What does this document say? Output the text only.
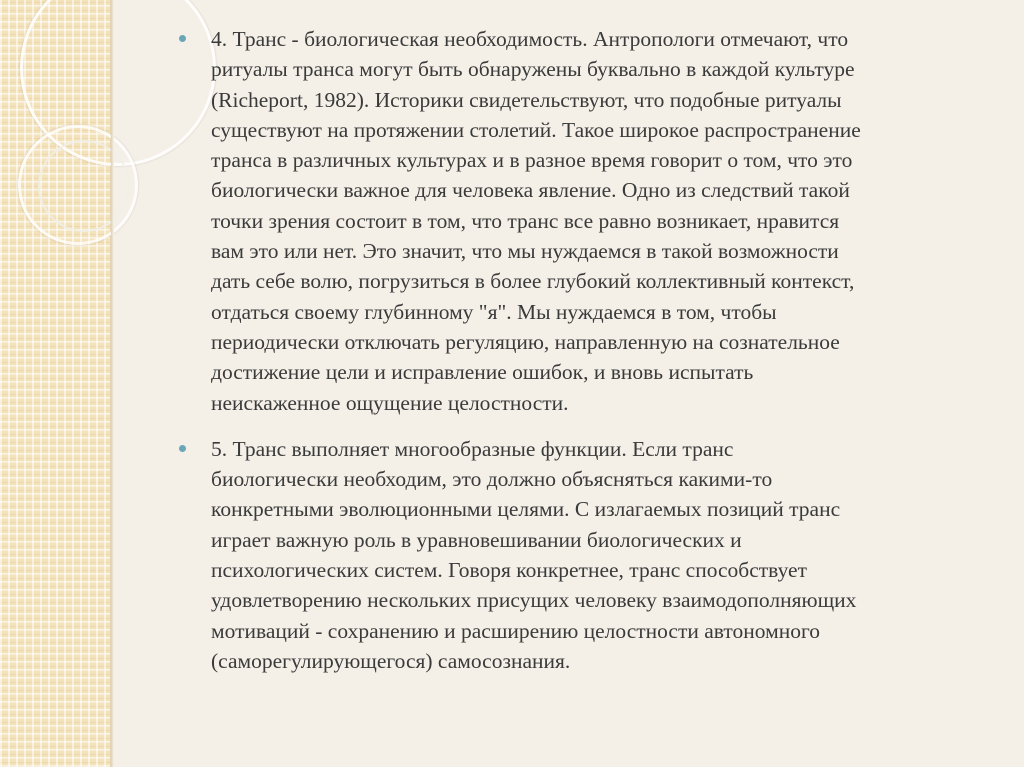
4. Транс - биологическая необходимость. Антропологи отмечают, что
ритуалы транса могут быть обнаружены буквально в каждой культуре
(Richeport, 1982). Историки свидетельствуют, что подобные ритуалы
существуют на протяжении столетий. Такое широкое распространение
транса в различных культурах и в разное время говорит о том, что это
биологически важное для человека явление. Одно из следствий такой
точки зрения состоит в том, что транс все равно возникает, нравится
вам это или нет. Это значит, что мы нуждаемся в такой возможности
дать себе волю, погрузиться в более глубокий коллективный контекст,
отдаться своему глубинному "я". Мы нуждаемся в том, чтобы
периодически отключать регуляцию, направленную на сознательное
достижение цели и исправление ошибок, и вновь испытать
неискаженное ощущение целостности.
5. Транс выполняет многообразные функции. Если транс
биологически необходим, это должно объясняться какими-то
конкретными эволюционными целями. С излагаемых позиций транс
играет важную роль в уравновешивании биологических и
психологических систем. Говоря конкретнее, транс способствует
удовлетворению нескольких присущих человеку взаимодополняющих
мотиваций - сохранению и расширению целостности автономного
(саморегулирующегося) самосознания.
